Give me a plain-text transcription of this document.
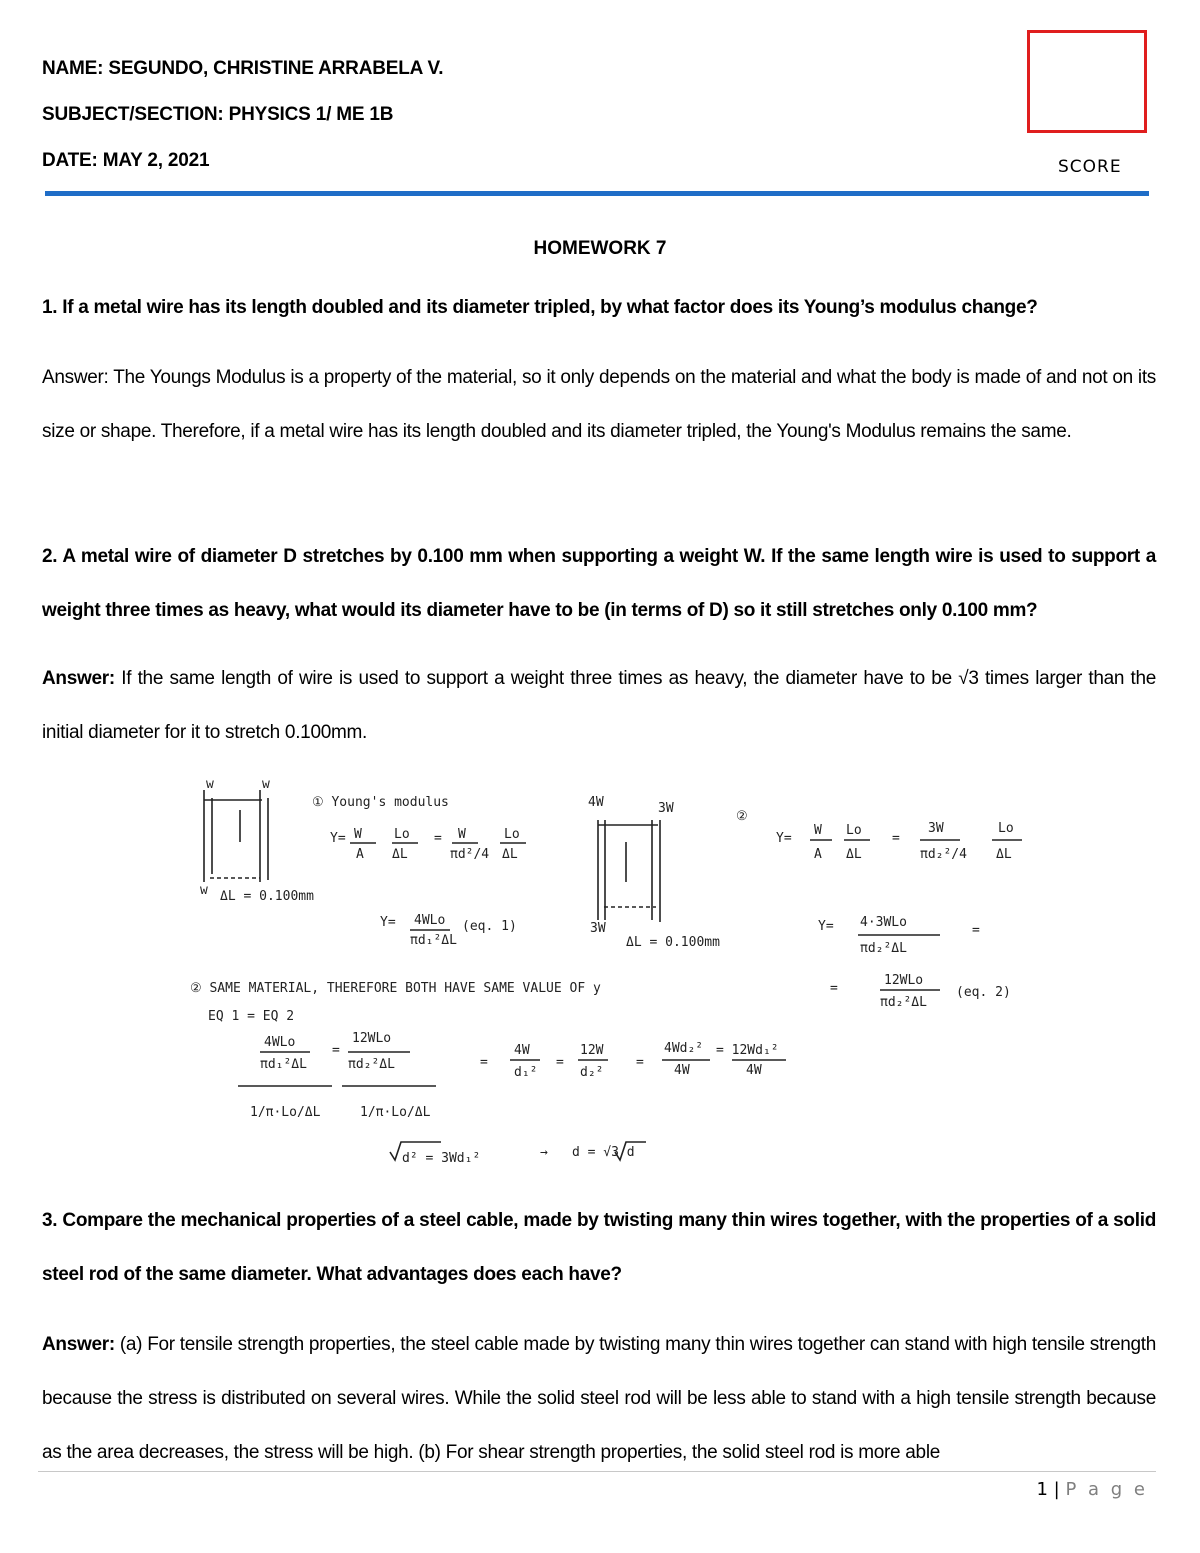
NAME: SEGUNDO, CHRISTINE ARRABELA V.
SUBJECT/SECTION: PHYSICS 1/ ME 1B
DATE: MAY 2, 2021	SCORE
HOMEWORK 7
1. If a metal wire has its length doubled and its diameter tripled, by what factor does its Young’s modulus change?
Answer: The Youngs Modulus is a property of the material, so it only depends on the material and what the body is made of and not on its size or shape. Therefore, if a metal wire has its length doubled and its diameter tripled, the Young's Modulus remains the same.
2. A metal wire of diameter D stretches by 0.100 mm when supporting a weight W. If the same length wire is used to support a weight three times as heavy, what would its diameter have to be (in terms of D) so it still stretches only 0.100 mm?
Answer: If the same length of wire is used to support a weight three times as heavy, the diameter have to be √3 times larger than the initial diameter for it to stretch 0.100mm.
w	w
w ΔL = 0.100mm
① Young's modulus
Y= W
A
Lo
ΔL
= W
πd²/4
Lo
ΔL
Y= 4WLo
πd₁²ΔL
(eq. 1)
4W	3W
3W
ΔL = 0.100mm
②
Y=
W
A
Lo
ΔL
=
3W
πd₂²/4
Lo
ΔL
Y= 4·3WLo
πd₂²ΔL
=
=
12WLo
πd₂²ΔL
(eq. 2)
② SAME MATERIAL, THEREFORE BOTH HAVE SAME VALUE OF y
EQ 1 = EQ 2
4WLo
πd₁²ΔL
=
12WLo
πd₂²ΔL
1/π·Lo/ΔL	1/π·Lo/ΔL
=
4W
d₁²
=
12W
d₂²
=
4Wd₂²
4W
= 12Wd₁²
4W
d² = 3Wd₁²	→ d = √3 d
3. Compare the mechanical properties of a steel cable, made by twisting many thin wires together, with the properties of a solid steel rod of the same diameter. What advantages does each have?
Answer: (a) For tensile strength properties, the steel cable made by twisting many thin wires together can stand with high tensile strength because the stress is distributed on several wires. While the solid steel rod will be less able to stand with a high tensile strength because as the area decreases, the stress will be high. (b) For shear strength properties, the solid steel rod is more able
1 | P a g e
